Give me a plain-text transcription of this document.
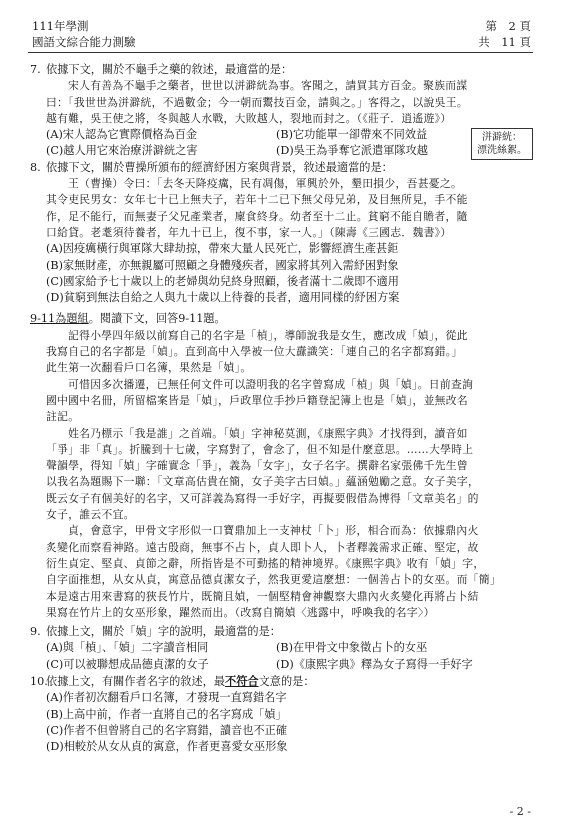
111年學測
國語文綜合能力測驗
第　2 頁
共　11 頁

7. 依據下文，關於不龜手之藥的敘述，最適當的是：

宋人有善為不龜手之藥者，世世以洴澼絖為事。客聞之，請買其方百金。聚族而謀

曰：「我世世為洴澼絖，不過數金；今一朝而鬻技百金，請與之。」客得之，以說吳王。

越有難，吳王使之將，冬與越人水戰，大敗越人，裂地而封之。（《莊子．逍遙遊》）

(A)宋人認為它實際價格為百金	(B)它功能單一卻帶來不同效益
(C)越人用它來治療洴澼絖之害	(D)吳王為爭奪它派遣軍隊攻越
洴澼絖：
漂洗絲絮。

8. 依據下文，關於曹操所頒布的經濟紓困方案與背景，敘述最適當的是：

王（曹操）令曰：「去冬天降疫癘，民有凋傷，軍興於外，墾田損少，吾甚憂之。

其令吏民男女：女年七十已上無夫子，若年十二已下無父母兄弟，及目無所見，手不能

作，足不能行，而無妻子父兄產業者，廩食終身。幼者至十二止。貧窮不能自贍者，隨

口給貸。老耄須待養者，年九十已上，復不事，家一人。」（陳壽《三國志．魏書》）

(A)因疫癘橫行與軍隊大肆劫掠，帶來大量人民死亡，影響經濟生產甚鉅
(B)家無財產，亦無親屬可照顧之身體殘疾者，國家將其列入需紓困對象
(C)國家給予七十歲以上的老婦與幼兒終身照顧，後者滿十二歲即不適用
(D)貧窮到無法自給之人與九十歲以上待養的長者，適用同樣的紓困方案

9-11為題組。閱讀下文，回答9-11題。

記得小學四年級以前寫自己的名字是「楨」，導師說我是女生，應改成「媜」，從此

我寫自己的名字都是「媜」。直到高中入學被一位大纛識笑：「連自己的名字都寫錯。」

此生第一次翻看戶口名簿，果然是「媜」。

可惜因多次播遷，已無任何文件可以證明我的名字曾寫成「楨」與「媜」。日前查詢

國中國中名冊，所留檔案皆是「媜」，戶政單位手抄戶籍登記簿上也是「媜」，並無改名

註記。

姓名乃標示「我是誰」之首端。「媜」字神秘莫測，《康熙字典》才找得到，讀音如

「爭」非「真」。折騰到十七歲，字寫對了，會念了，但不知是什麼意思。……大學時上

聲韻學，得知「媜」字確實念「爭」，義為「女字」，女子名字。撰辭名家張佛千先生曾

以我名為題賜下一聯：「文章高估貴在簡，女子美字古曰媜。」蘊涵勉勵之意。女子美字，

既云女子有個美好的名字，又可詳義為寫得一手好字，再擬要假借為博得「文章美名」的

女子，誰云不宜。

貞，會意字，甲骨文字形似一口寶鼎加上一支神杖「卜」形，相合而為：依據鼎內火

炙變化而察看神路。遠古殷商，無事不占卜，貞人即卜人，卜者釋義需求正確、堅定，故

衍生貞定、堅貞、貞節之辭，所指皆是不可動搖的精神境界。《康熙字典》收有「媜」字，

自字面推想，从女从貞，寓意品德貞潔女子，然我更愛這麼想：一個善占卜的女巫。而「簡」

本是遠古用來書寫的狹長竹片，既簡且媜，一個堅精會神觀察大鼎內火炙變化再將占卜結

果寫在竹片上的女巫形象，躍然而出。（改寫自簡媜〈逃露中，呼喚我的名字〉）

9. 依據上文，關於「媜」字的說明，最適當的是：

(A)與「楨」、「媜」二字讀音相同	(B)在甲骨文中象徵占卜的女巫
(C)可以被聯想成品德貞潔的女子	(D)《康熙字典》釋為女子寫得一手好字

10.依據上文，有關作者名字的敘述，最不符合文意的是：

(A)作者初次翻看戶口名簿，才發現一直寫錯名字
(B)上高中前，作者一直將自己的名字寫成「媜」
(C)作者不但曾將自己的名字寫錯，讀音也不正確
(D)相較於从女从貞的寓意，作者更喜愛女巫形象
- 2 -
